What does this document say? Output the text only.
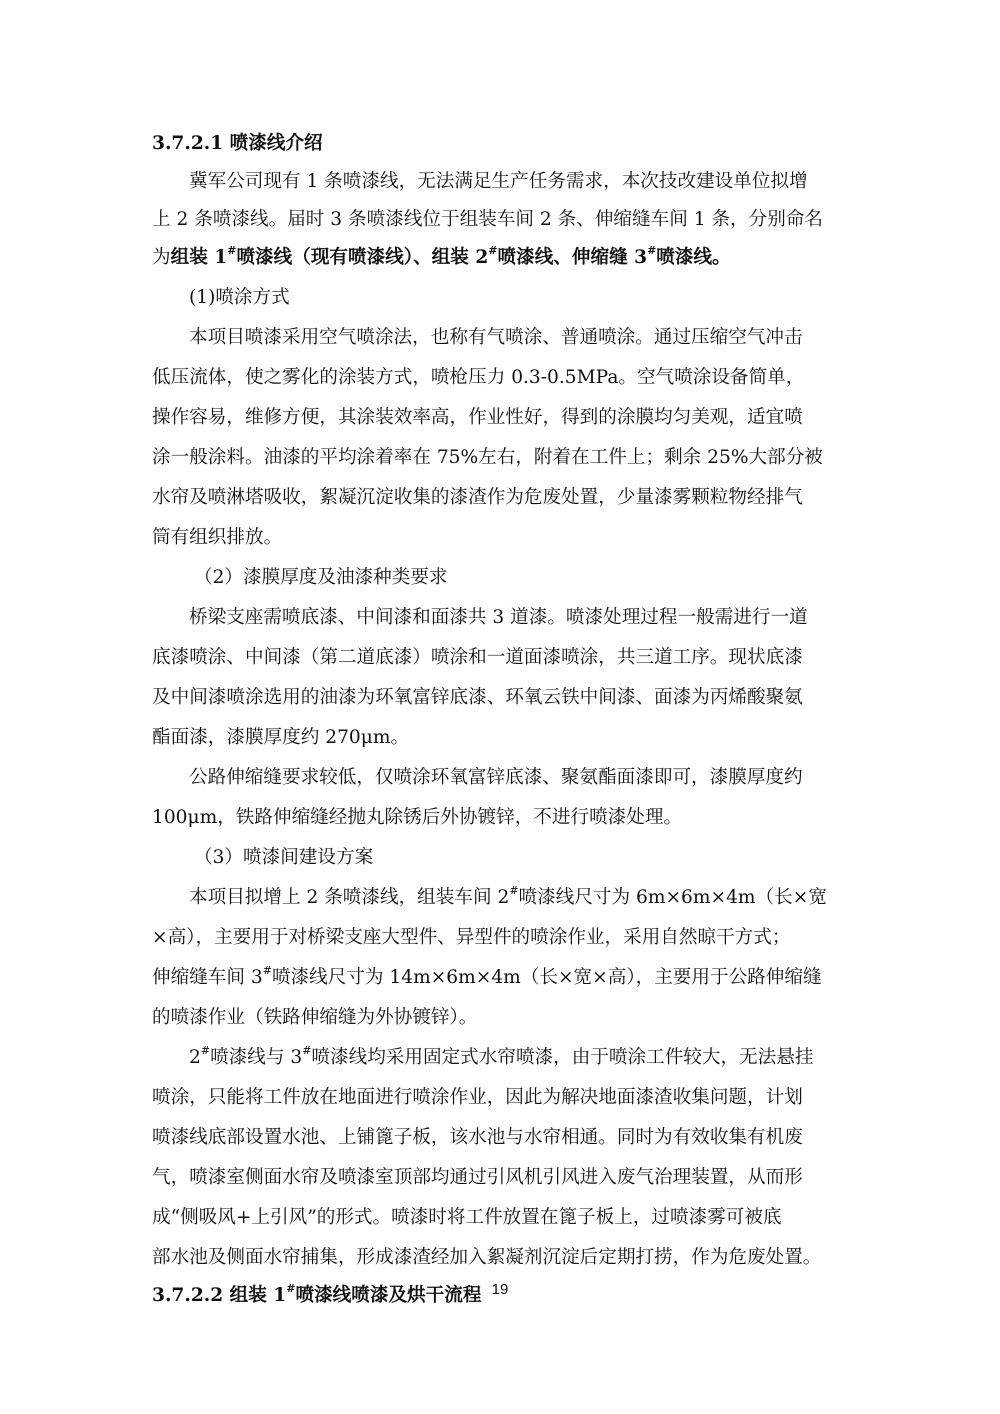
3.7.2.1 喷漆线介绍

冀军公司现有 1 条喷漆线，无法满足生产任务需求，本次技改建设单位拟增

上 2 条喷漆线。届时 3 条喷漆线位于组装车间 2 条、伸缩缝车间 1 条，分别命名

为组装 1#喷漆线（现有喷漆线）、组装 2#喷漆线、伸缩缝 3#喷漆线。

(1)喷涂方式

本项目喷漆采用空气喷涂法，也称有气喷涂、普通喷涂。通过压缩空气冲击

低压流体，使之雾化的涂装方式，喷枪压力 0.3-0.5MPa。空气喷涂设备简单，

操作容易，维修方便，其涂装效率高，作业性好，得到的涂膜均匀美观，适宜喷

涂一般涂料。油漆的平均涂着率在 75%左右，附着在工件上；剩余 25%大部分被

水帘及喷淋塔吸收，絮凝沉淀收集的漆渣作为危废处置，少量漆雾颗粒物经排气

筒有组织排放。

（2）漆膜厚度及油漆种类要求

桥梁支座需喷底漆、中间漆和面漆共 3 道漆。喷漆处理过程一般需进行一道

底漆喷涂、中间漆（第二道底漆）喷涂和一道面漆喷涂，共三道工序。现状底漆

及中间漆喷涂选用的油漆为环氧富锌底漆、环氧云铁中间漆、面漆为丙烯酸聚氨

酯面漆，漆膜厚度约 270μm。

公路伸缩缝要求较低，仅喷涂环氧富锌底漆、聚氨酯面漆即可，漆膜厚度约

100μm，铁路伸缩缝经抛丸除锈后外协镀锌，不进行喷漆处理。

（3）喷漆间建设方案

本项目拟增上 2 条喷漆线，组装车间 2#喷漆线尺寸为 6m×6m×4m（长×宽

×高），主要用于对桥梁支座大型件、异型件的喷涂作业，采用自然晾干方式；

伸缩缝车间 3#喷漆线尺寸为 14m×6m×4m（长×宽×高），主要用于公路伸缩缝

的喷漆作业（铁路伸缩缝为外协镀锌）。

2#喷漆线与 3#喷漆线均采用固定式水帘喷漆，由于喷涂工件较大，无法悬挂

喷涂，只能将工件放在地面进行喷涂作业，因此为解决地面漆渣收集问题，计划

喷漆线底部设置水池、上铺篦子板，该水池与水帘相通。同时为有效收集有机废

气，喷漆室侧面水帘及喷漆室顶部均通过引风机引风进入废气治理装置，从而形

成“侧吸风+上引风”的形式。喷漆时将工件放置在篦子板上，过喷漆雾可被底

部水池及侧面水帘捕集，形成漆渣经加入絮凝剂沉淀后定期打捞，作为危废处置。

3.7.2.2 组装 1#喷漆线喷漆及烘干流程 19
